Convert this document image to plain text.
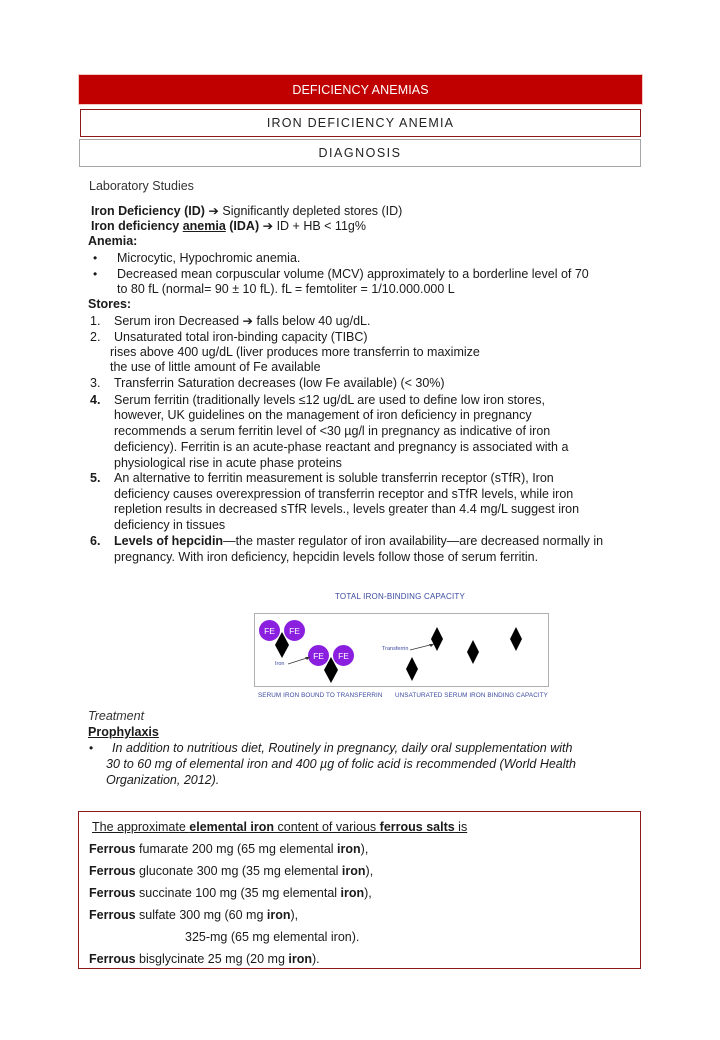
DEFICIENCY ANEMIAS
IRON DEFICIENCY ANEMIA
DIAGNOSIS
Laboratory Studies
Iron Deficiency (ID) ➔ Significantly depleted stores (ID)
Iron deficiency anemia (IDA) ➔ ID + HB < 11g%
Anemia:
• Microcytic, Hypochromic anemia.
• Decreased mean corpuscular volume (MCV) approximately to a borderline level of 70
to 80 fL (normal= 90 ± 10 fL). fL = femtoliter = 1/10.000.000 L
Stores:
1. Serum iron Decreased ➔ falls below 40 ug/dL.
2. Unsaturated total iron-binding capacity (TIBC)
rises above 400 ug/dL (liver produces more transferrin to maximize
the use of little amount of Fe available
3. Transferrin Saturation decreases (low Fe available) (< 30%)
4. Serum ferritin (traditionally levels ≤12 ug/dL are used to define low iron stores,
however, UK guidelines on the management of iron deficiency in pregnancy
recommends a serum ferritin level of <30 µg/l in pregnancy as indicative of iron
deficiency). Ferritin is an acute-phase reactant and pregnancy is associated with a
physiological rise in acute phase proteins
5. An alternative to ferritin measurement is soluble transferrin receptor (sTfR), Iron
deficiency causes overexpression of transferrin receptor and sTfR levels, while iron
repletion results in decreased sTfR levels., levels greater than 4.4 mg/L suggest iron
deficiency in tissues
6. Levels of hepcidin—the master regulator of iron availability—are decreased normally in
pregnancy. With iron deficiency, hepcidin levels follow those of serum ferritin.
TOTAL IRON-BINDING CAPACITY
FE	FE
FE	FE
Iron
Transferrin
SERUM IRON BOUND TO TRANSFERRIN UNSATURATED SERUM IRON BINDING CAPACITY
Treatment
Prophylaxis
• In addition to nutritious diet, Routinely in pregnancy, daily oral supplementation with
30 to 60 mg of elemental iron and 400 µg of folic acid is recommended (World Health
Organization, 2012).
The approximate elemental iron content of various ferrous salts is
Ferrous fumarate 200 mg (65 mg elemental iron),
Ferrous gluconate 300 mg (35 mg elemental iron),
Ferrous succinate 100 mg (35 mg elemental iron),
Ferrous sulfate 300 mg (60 mg iron),
325-mg (65 mg elemental iron).
Ferrous bisglycinate 25 mg (20 mg iron).
